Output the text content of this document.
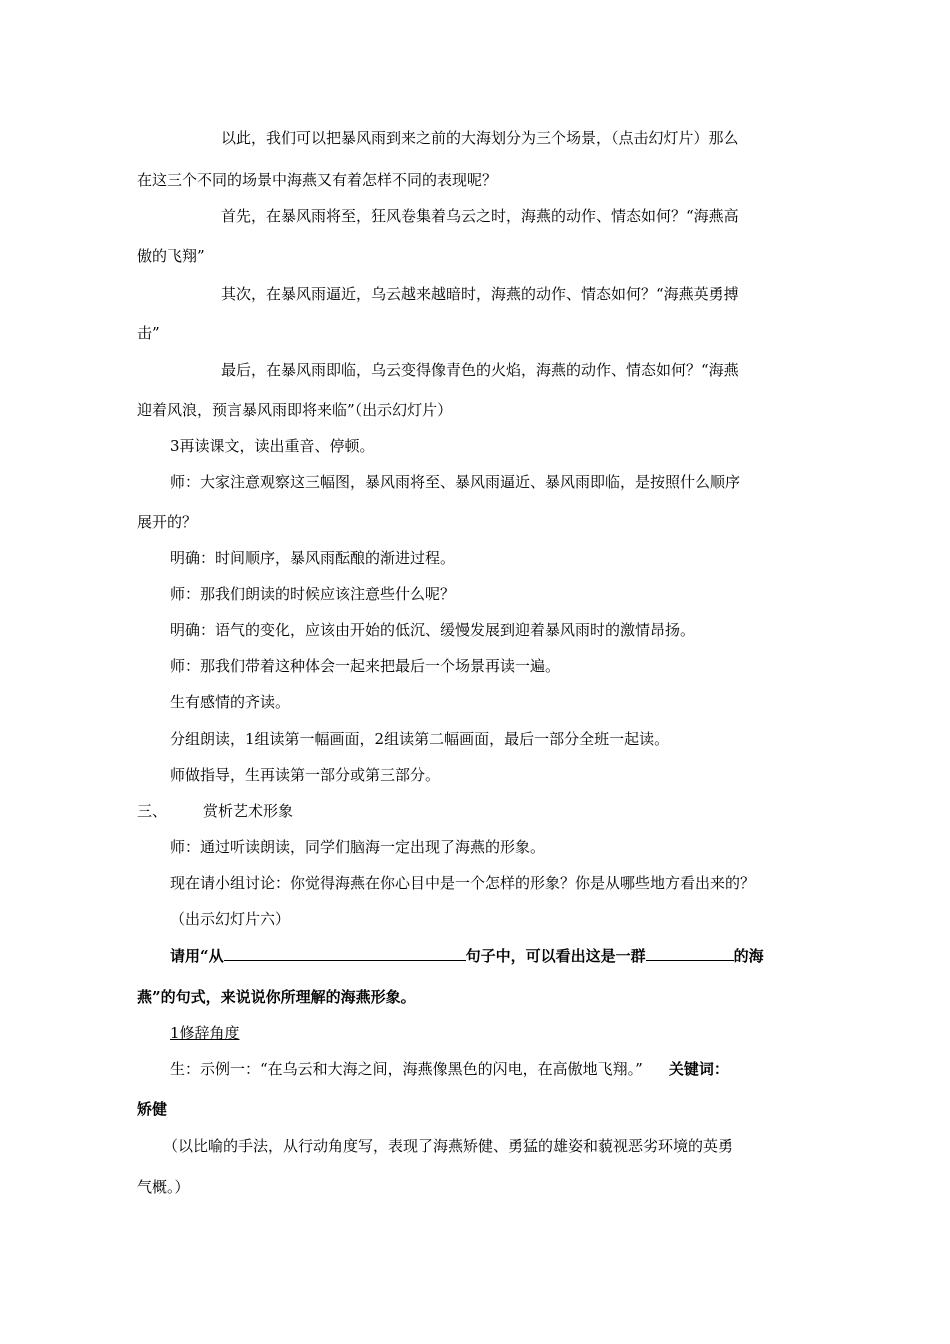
以此，我们可以把暴风雨到来之前的大海划分为三个场景，（点击幻灯片）那么
在这三个不同的场景中海燕又有着怎样不同的表现呢？
首先，在暴风雨将至，狂风卷集着乌云之时，海燕的动作、情态如何？“海燕高
傲的飞翔”
其次，在暴风雨逼近，乌云越来越暗时，海燕的动作、情态如何？“海燕英勇搏
击”
最后，在暴风雨即临，乌云变得像青色的火焰，海燕的动作、情态如何？“海燕
迎着风浪，预言暴风雨即将来临”（出示幻灯片）
3再读课文，读出重音、停顿。
师：大家注意观察这三幅图，暴风雨将至、暴风雨逼近、暴风雨即临，是按照什么顺序
展开的？
明确：时间顺序，暴风雨酝酿的渐进过程。
师：那我们朗读的时候应该注意些什么呢？
明确：语气的变化，应该由开始的低沉、缓慢发展到迎着暴风雨时的激情昂扬。
师：那我们带着这种体会一起来把最后一个场景再读一遍。
生有感情的齐读。
分组朗读，1组读第一幅画面，2组读第二幅画面，最后一部分全班一起读。
师做指导，生再读第一部分或第三部分。
三、 赏析艺术形象
师：通过听读朗读，同学们脑海一定出现了海燕的形象。
现在请小组讨论：你觉得海燕在你心目中是一个怎样的形象？你是从哪些地方看出来的？
（出示幻灯片六）
请用“从	句子中，可以看出这是一群	的海
燕”的句式，来说说你所理解的海燕形象。
1修辞角度
生：示例一：“在乌云和大海之间，海燕像黑色的闪电，在高傲地飞翔。” 关键词：
矫健
（以比喻的手法，从行动角度写，表现了海燕矫健、勇猛的雄姿和藐视恶劣环境的英勇
气概。）
